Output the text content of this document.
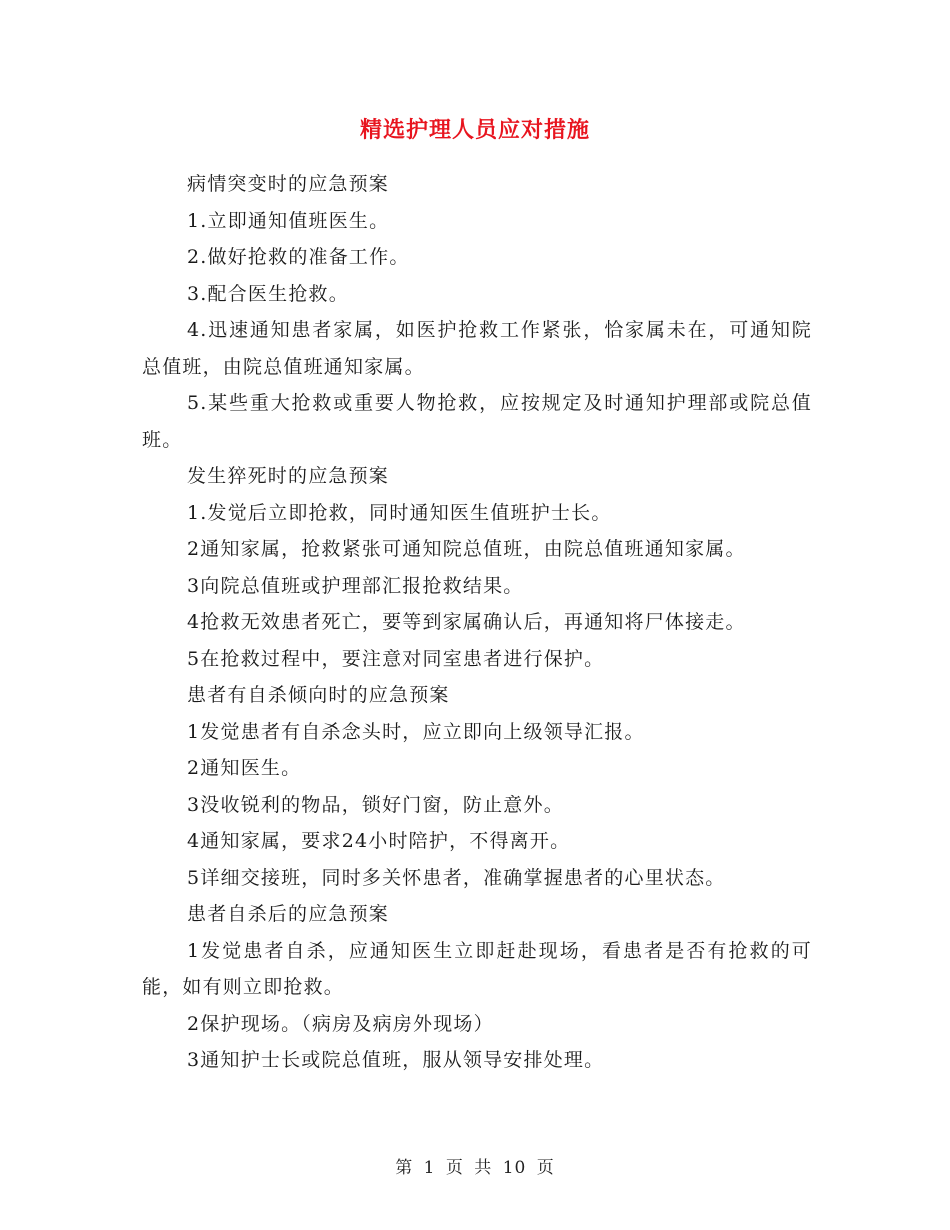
精选护理人员应对措施

病情突变时的应急预案

1.立即通知值班医生。

2.做好抢救的准备工作。

3.配合医生抢救。

4.迅速通知患者家属，如医护抢救工作紧张，恰家属未在，可通知院总值班，由院总值班通知家属。

5.某些重大抢救或重要人物抢救，应按规定及时通知护理部或院总值班。

发生猝死时的应急预案

1.发觉后立即抢救，同时通知医生值班护士长。

2通知家属，抢救紧张可通知院总值班，由院总值班通知家属。

3向院总值班或护理部汇报抢救结果。

4抢救无效患者死亡，要等到家属确认后，再通知将尸体接走。

5在抢救过程中，要注意对同室患者进行保护。

患者有自杀倾向时的应急预案

1发觉患者有自杀念头时，应立即向上级领导汇报。

2通知医生。

3没收锐利的物品，锁好门窗，防止意外。

4通知家属，要求24小时陪护，不得离开。

5详细交接班，同时多关怀患者，准确掌握患者的心里状态。

患者自杀后的应急预案

1发觉患者自杀，应通知医生立即赶赴现场，看患者是否有抢救的可能，如有则立即抢救。

2保护现场。（病房及病房外现场）

3通知护士长或院总值班，服从领导安排处理。

第 1 页 共 10 页
